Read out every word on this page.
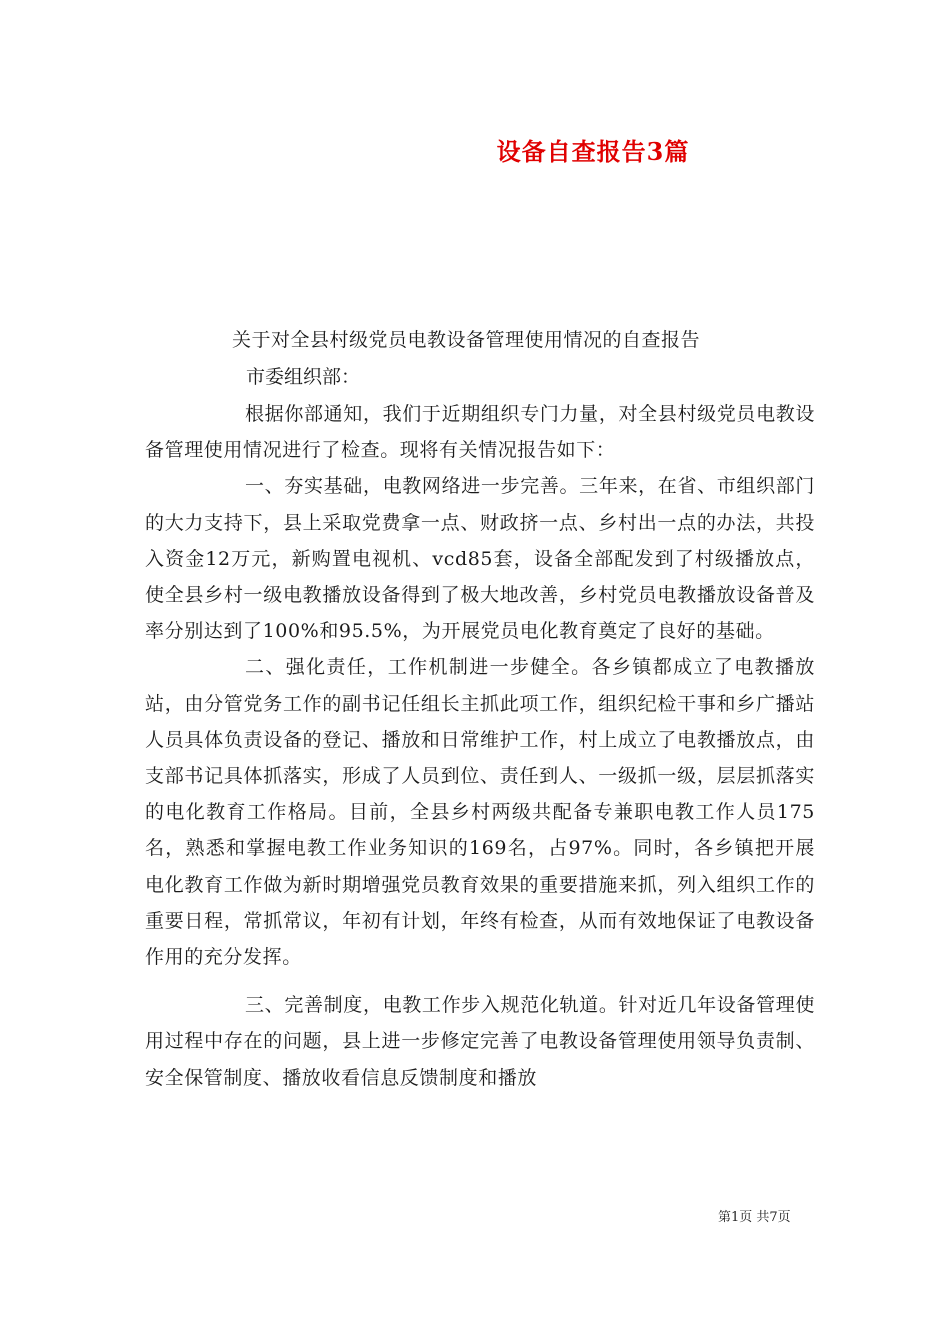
设备自查报告3篇
关于对全县村级党员电教设备管理使用情况的自查报告
市委组织部：

根据你部通知，我们于近期组织专门力量，对全县村级党员电教设备管理使用情况进行了检查。现将有关情况报告如下：

一、夯实基础，电教网络进一步完善。三年来，在省、市组织部门的大力支持下，县上采取党费拿一点、财政挤一点、乡村出一点的办法，共投入资金12万元，新购置电视机、vcd85套，设备全部配发到了村级播放点，使全县乡村一级电教播放设备得到了极大地改善，乡村党员电教播放设备普及率分别达到了100%和95.5%，为开展党员电化教育奠定了良好的基础。

二、强化责任，工作机制进一步健全。各乡镇都成立了电教播放站，由分管党务工作的副书记任组长主抓此项工作，组织纪检干事和乡广播站人员具体负责设备的登记、播放和日常维护工作，村上成立了电教播放点，由支部书记具体抓落实，形成了人员到位、责任到人、一级抓一级，层层抓落实的电化教育工作格局。目前，全县乡村两级共配备专兼职电教工作人员175名，熟悉和掌握电教工作业务知识的169名，占97%。同时，各乡镇把开展电化教育工作做为新时期增强党员教育效果的重要措施来抓，列入组织工作的重要日程，常抓常议，年初有计划，年终有检查，从而有效地保证了电教设备作用的充分发挥。

三、完善制度，电教工作步入规范化轨道。针对近几年设备管理使用过程中存在的问题，县上进一步修定完善了电教设备管理使用领导负责制、安全保管制度、播放收看信息反馈制度和播放

第1页 共7页
